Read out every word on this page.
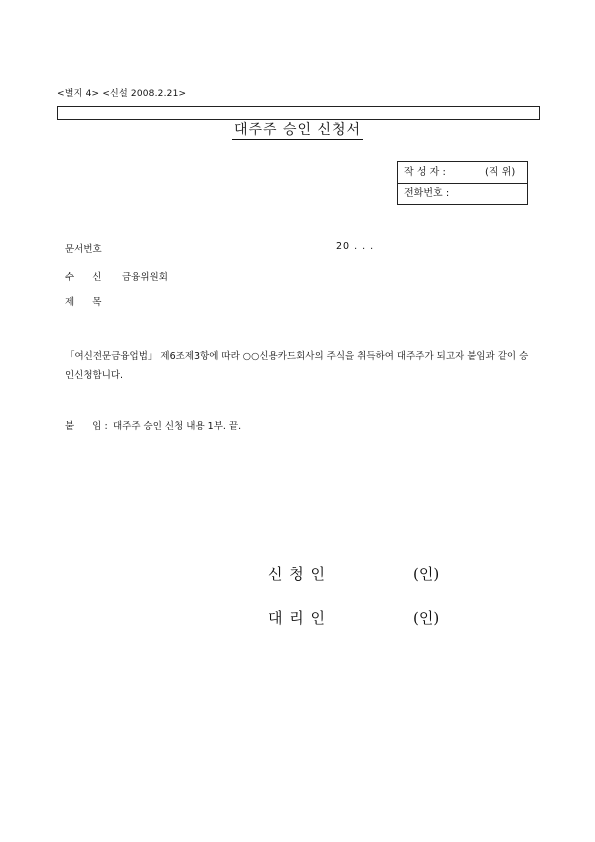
<별지 4> <신설 2008.2.21>
대주주 승인 신청서
작 성 자 :	(직 위)
전화번호 :
문서번호	20 . . .
수      신 금융위원회
제      목
「여신전문금융업법」 제6조제3항에 따라 ○○신용카드회사의 주식을 취득하여 대주주가 되고자 붙임과 같이 승인신청합니다.
붙      임 : 대주주 승인 신청 내용 1부. 끝.
신 청 인	(인)
대 리 인	(인)
